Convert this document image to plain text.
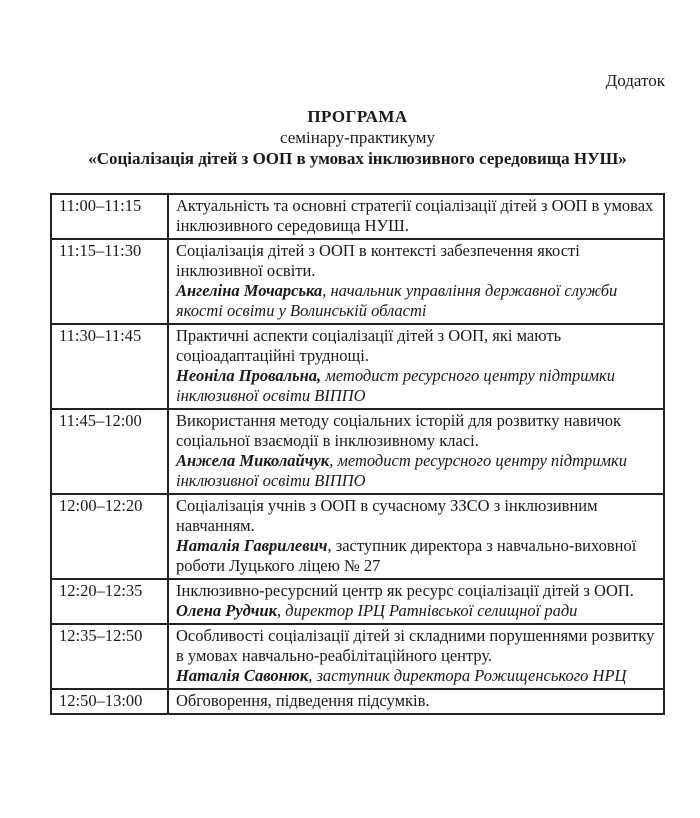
Додаток
ПРОГРАМА
семінару-практикуму
«Соціалізація дітей з ООП в умовах інклюзивного середовища НУШ»
11:00–11:15	Актуальність та основні стратегії соціалізації дітей з ООП в умовах інклюзивного середовища НУШ.

11:15–11:30	Соціалізація дітей з ООП в контексті забезпечення якості інклюзивної освіти.
Ангеліна Мочарська, начальник управління державної служби якості освіти у Волинській області

11:30–11:45	Практичні аспекти соціалізації дітей з ООП, які мають соціоадаптаційні труднощі.
Неоніла Провальна, методист ресурсного центру підтримки інклюзивної освіти ВІППО

11:45–12:00	Використання методу соціальних історій для розвитку навичок соціальної взаємодії в інклюзивному класі.
Анжела Миколайчук, методист ресурсного центру підтримки інклюзивної освіти ВІППО

12:00–12:20	Соціалізація учнів з ООП в сучасному ЗЗСО з інклюзивним навчанням.
Наталія Гаврилевич, заступник директора з навчально-виховної роботи Луцького ліцею № 27

12:20–12:35	Інклюзивно-ресурсний центр як ресурс соціалізації дітей з ООП.
Олена Рудчик, директор ІРЦ Ратнівської селищної ради

12:35–12:50	Особливості соціалізації дітей зі складними порушеннями розвитку в умовах навчально-реабілітаційного центру.
Наталія Савонюк, заступник директора Рожищенського НРЦ

12:50–13:00	Обговорення, підведення підсумків.
